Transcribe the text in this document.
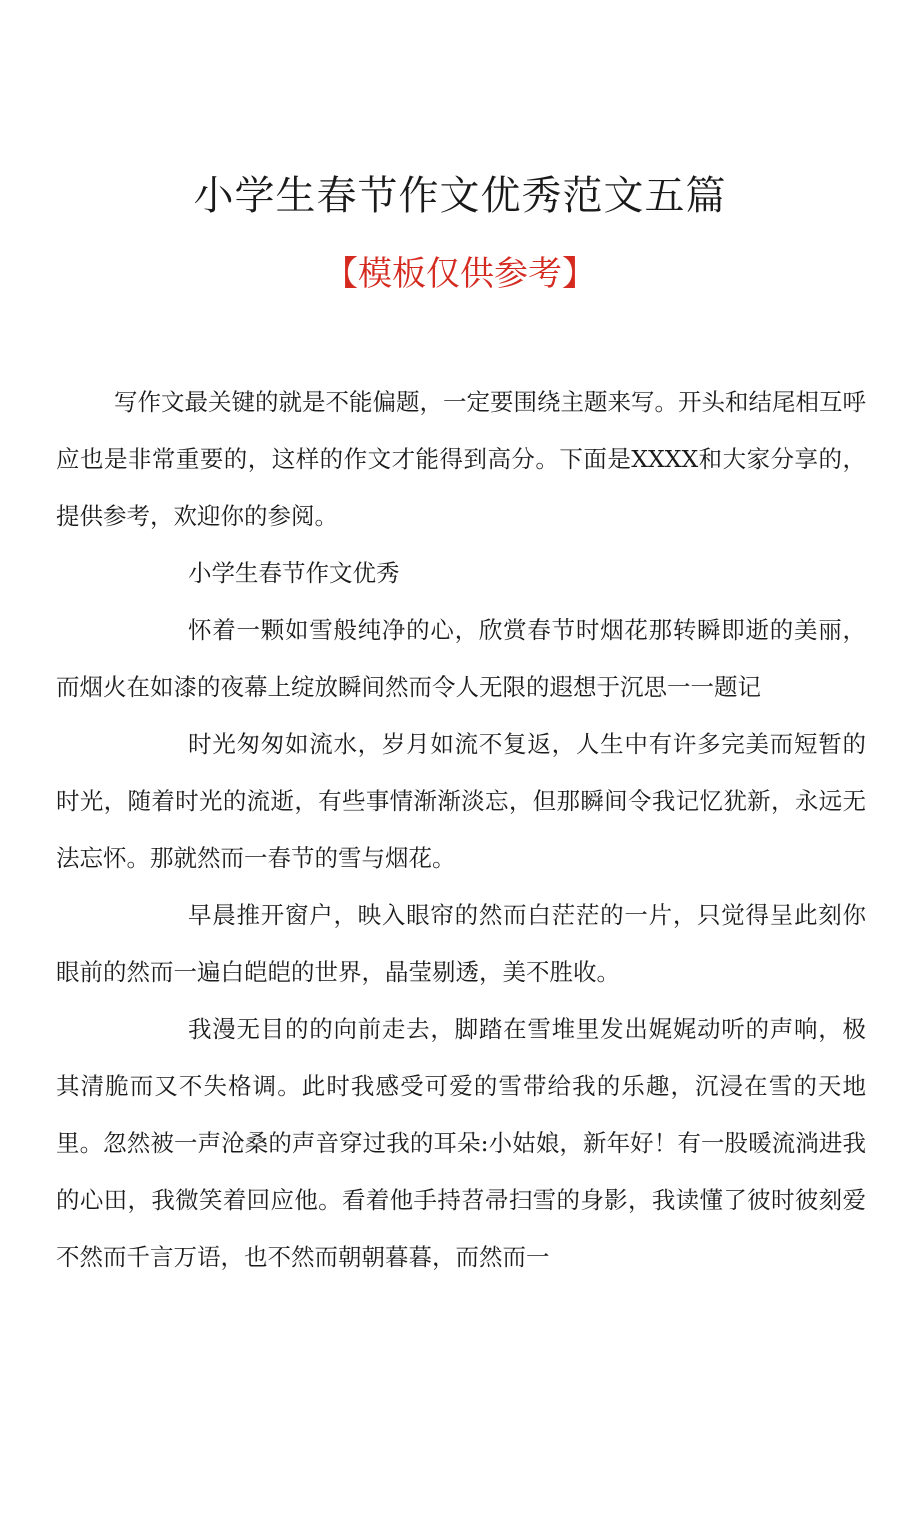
小学生春节作文优秀范文五篇
【模板仅供参考】

写作文最关键的就是不能偏题，一定要围绕主题来写。开头和结尾相互呼应也是非常重要的，这样的作文才能得到高分。下面是XXXX和大家分享的，提供参考，欢迎你的参阅。

小学生春节作文优秀

怀着一颗如雪般纯净的心，欣赏春节时烟花那转瞬即逝的美丽，而烟火在如漆的夜幕上绽放瞬间然而令人无限的遐想于沉思一一题记

时光匆匆如流水，岁月如流不复返，人生中有许多完美而短暂的时光，随着时光的流逝，有些事情渐渐淡忘，但那瞬间令我记忆犹新，永远无法忘怀。那就然而一春节的雪与烟花。

早晨推开窗户，映入眼帘的然而白茫茫的一片，只觉得呈此刻你眼前的然而一遍白皑皑的世界，晶莹剔透，美不胜收。

我漫无目的的向前走去，脚踏在雪堆里发出娓娓动听的声响，极其清脆而又不失格调。此时我感受可爱的雪带给我的乐趣，沉浸在雪的天地里。忽然被一声沧桑的声音穿过我的耳朵:小姑娘，新年好！有一股暖流淌进我的心田，我微笑着回应他。看着他手持苕帚扫雪的身影，我读懂了彼时彼刻爱不然而千言万语，也不然而朝朝暮暮，而然而一
